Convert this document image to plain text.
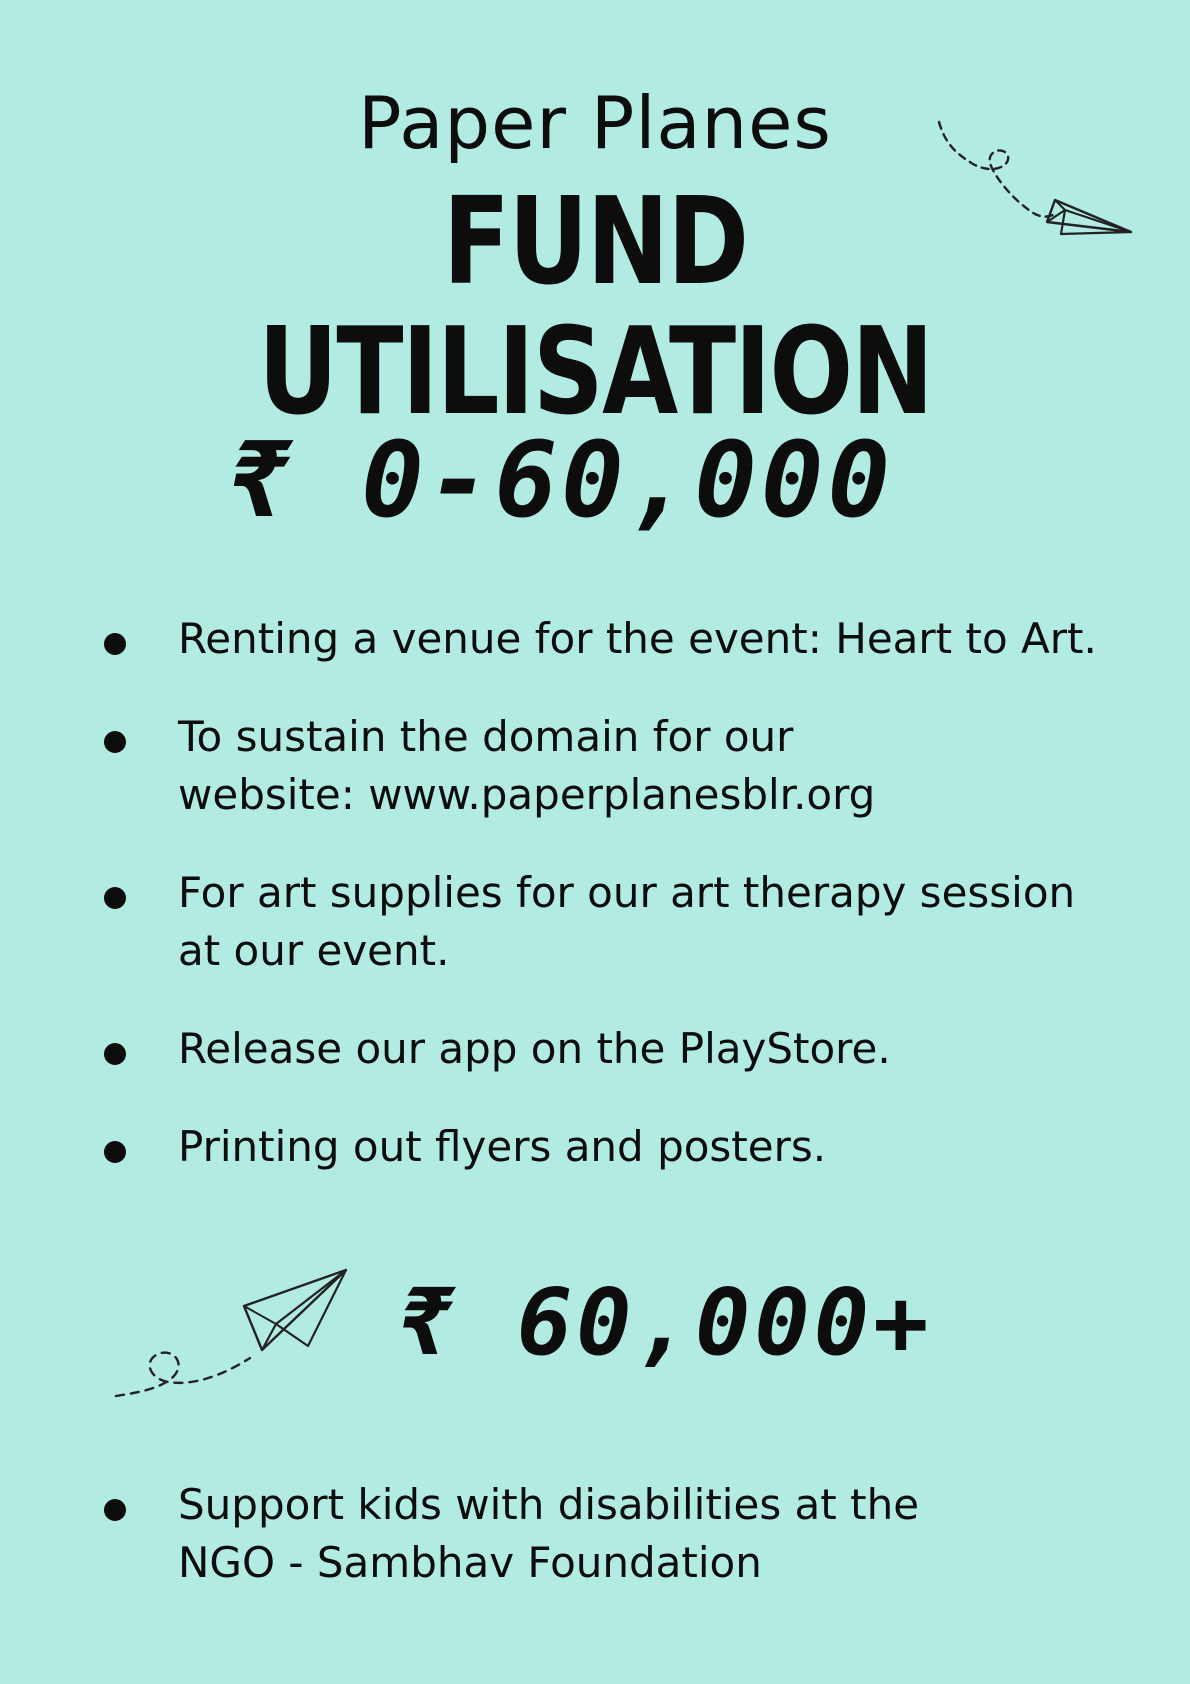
Paper Planes
FUND UTILISATION
₹ 0-60,000
Renting a venue for the event: Heart to Art.
To sustain the domain for our
website: www.paperplanesblr.org
For art supplies for our art therapy session
at our event.
Release our app on the PlayStore.
Printing out flyers and posters.
₹ 60,000+
Support kids with disabilities at the
NGO - Sambhav Foundation
